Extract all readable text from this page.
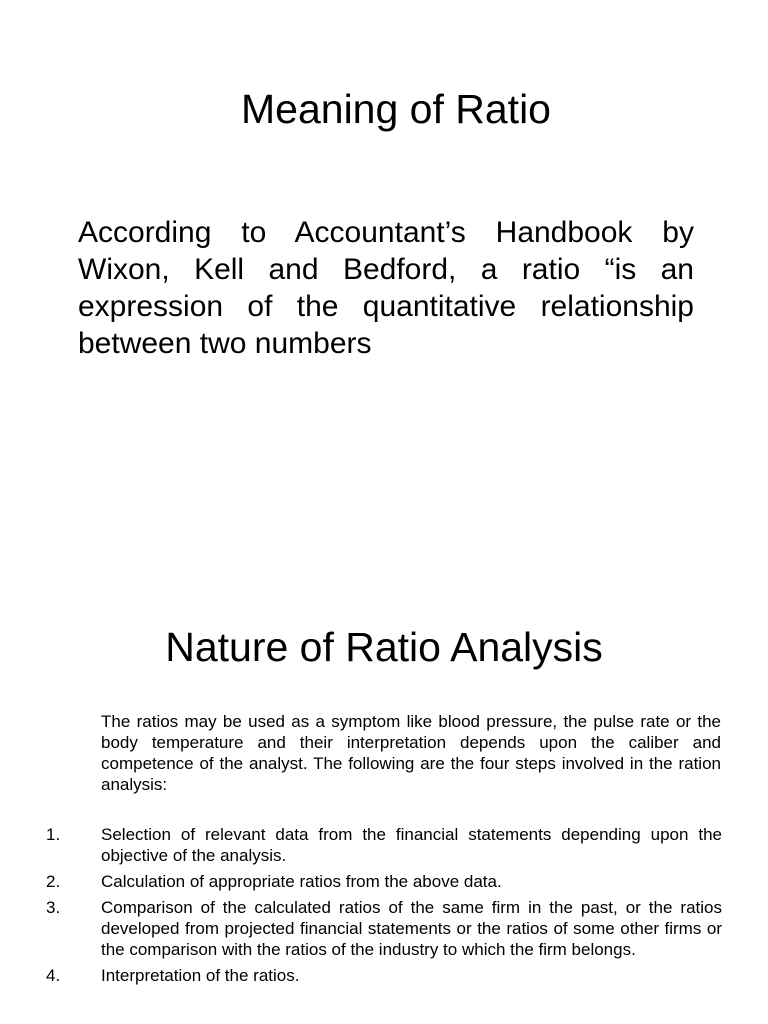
Meaning of Ratio

According to Accountant’s Handbook by Wixon, Kell and Bedford, a ratio “is an expression of the quantitative relationship between two numbers

Nature of Ratio Analysis

The ratios may be used as a symptom like blood pressure, the pulse rate or the body temperature and their interpretation depends upon the caliber and competence of the analyst. The following are the four steps involved in the ration analysis:

1.	Selection of relevant data from the financial statements depending upon the objective of the analysis.
2.	Calculation of appropriate ratios from the above data.
3.	Comparison of the calculated ratios of the same firm in the past, or the ratios developed from projected financial statements or the ratios of some other firms or the comparison with the ratios of the industry to which the firm belongs.
4.	Interpretation of the ratios.
